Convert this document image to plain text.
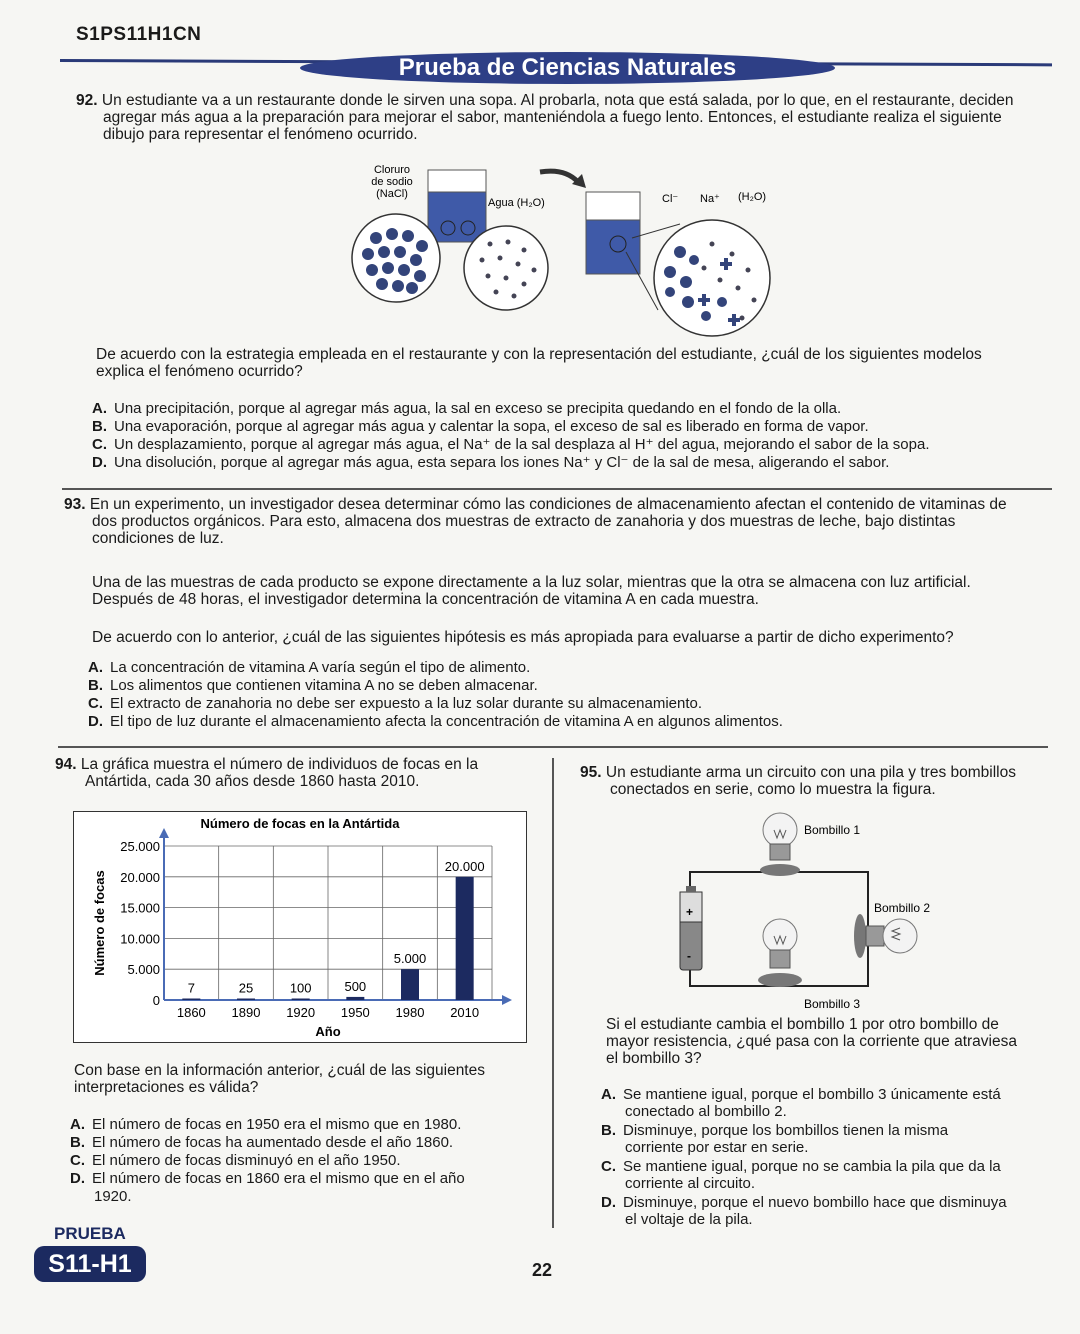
S1PS11H1CN
Prueba de Ciencias Naturales
92. Un estudiante va a un restaurante donde le sirven una sopa. Al probarla, nota que está salada, por lo que, en el restaurante, deciden
agregar más agua a la preparación para mejorar el sabor, manteniéndola a fuego lento. Entonces, el estudiante realiza el siguiente
dibujo para representar el fenómeno ocurrido.
Cloruro
de sodio
(NaCl)
Agua (H₂O)	Cl⁻ Na⁺ (H₂O)
De acuerdo con la estrategia empleada en el restaurante y con la representación del estudiante, ¿cuál de los siguientes modelos
explica el fenómeno ocurrido?
A. Una precipitación, porque al agregar más agua, la sal en exceso se precipita quedando en el fondo de la olla.
B. Una evaporación, porque al agregar más agua y calentar la sopa, el exceso de sal es liberado en forma de vapor.
C. Un desplazamiento, porque al agregar más agua, el Na⁺ de la sal desplaza al H⁺ del agua, mejorando el sabor de la sopa.
D. Una disolución, porque al agregar más agua, esta separa los iones Na⁺ y Cl⁻ de la sal de mesa, aligerando el sabor.
93. En un experimento, un investigador desea determinar cómo las condiciones de almacenamiento afectan el contenido de vitaminas de
dos productos orgánicos. Para esto, almacena dos muestras de extracto de zanahoria y dos muestras de leche, bajo distintas
condiciones de luz.
Una de las muestras de cada producto se expone directamente a la luz solar, mientras que la otra se almacena con luz artificial.
Después de 48 horas, el investigador determina la concentración de vitamina A en cada muestra.
De acuerdo con lo anterior, ¿cuál de las siguientes hipótesis es más apropiada para evaluarse a partir de dicho experimento?
A. La concentración de vitamina A varía según el tipo de alimento.
B. Los alimentos que contienen vitamina A no se deben almacenar.
C. El extracto de zanahoria no debe ser expuesto a la luz solar durante su almacenamiento.
D. El tipo de luz durante el almacenamiento afecta la concentración de vitamina A en algunos alimentos.
94. La gráfica muestra el número de individuos de focas en la
Antártida, cada 30 años desde 1860 hasta 2010.
Número de focas en la Antártida
0
5.000
10.000
15.000
20.000
25.000
7
1860
25
1890
100
1920
500
1950
5.000
1980
20.000
2010
Año
Número de focas
Con base en la información anterior, ¿cuál de las siguientes
interpretaciones es válida?
A. El número de focas en 1950 era el mismo que en 1980.
B. El número de focas ha aumentado desde el año 1860.
C. El número de focas disminuyó en el año 1950.
D. El número de focas en 1860 era el mismo que en el año
1920.
95. Un estudiante arma un circuito con una pila y tres bombillos
conectados en serie, como lo muestra la figura.
+
-
Bombillo 1
Bombillo 2
Bombillo 3
Si el estudiante cambia el bombillo 1 por otro bombillo de
mayor resistencia, ¿qué pasa con la corriente que atraviesa
el bombillo 3?
A. Se mantiene igual, porque el bombillo 3 únicamente está
conectado al bombillo 2.
B. Disminuye, porque los bombillos tienen la misma
corriente por estar en serie.
C. Se mantiene igual, porque no se cambia la pila que da la
corriente al circuito.
D. Disminuye, porque el nuevo bombillo hace que disminuya
el voltaje de la pila.
PRUEBA
S11-H1	22
